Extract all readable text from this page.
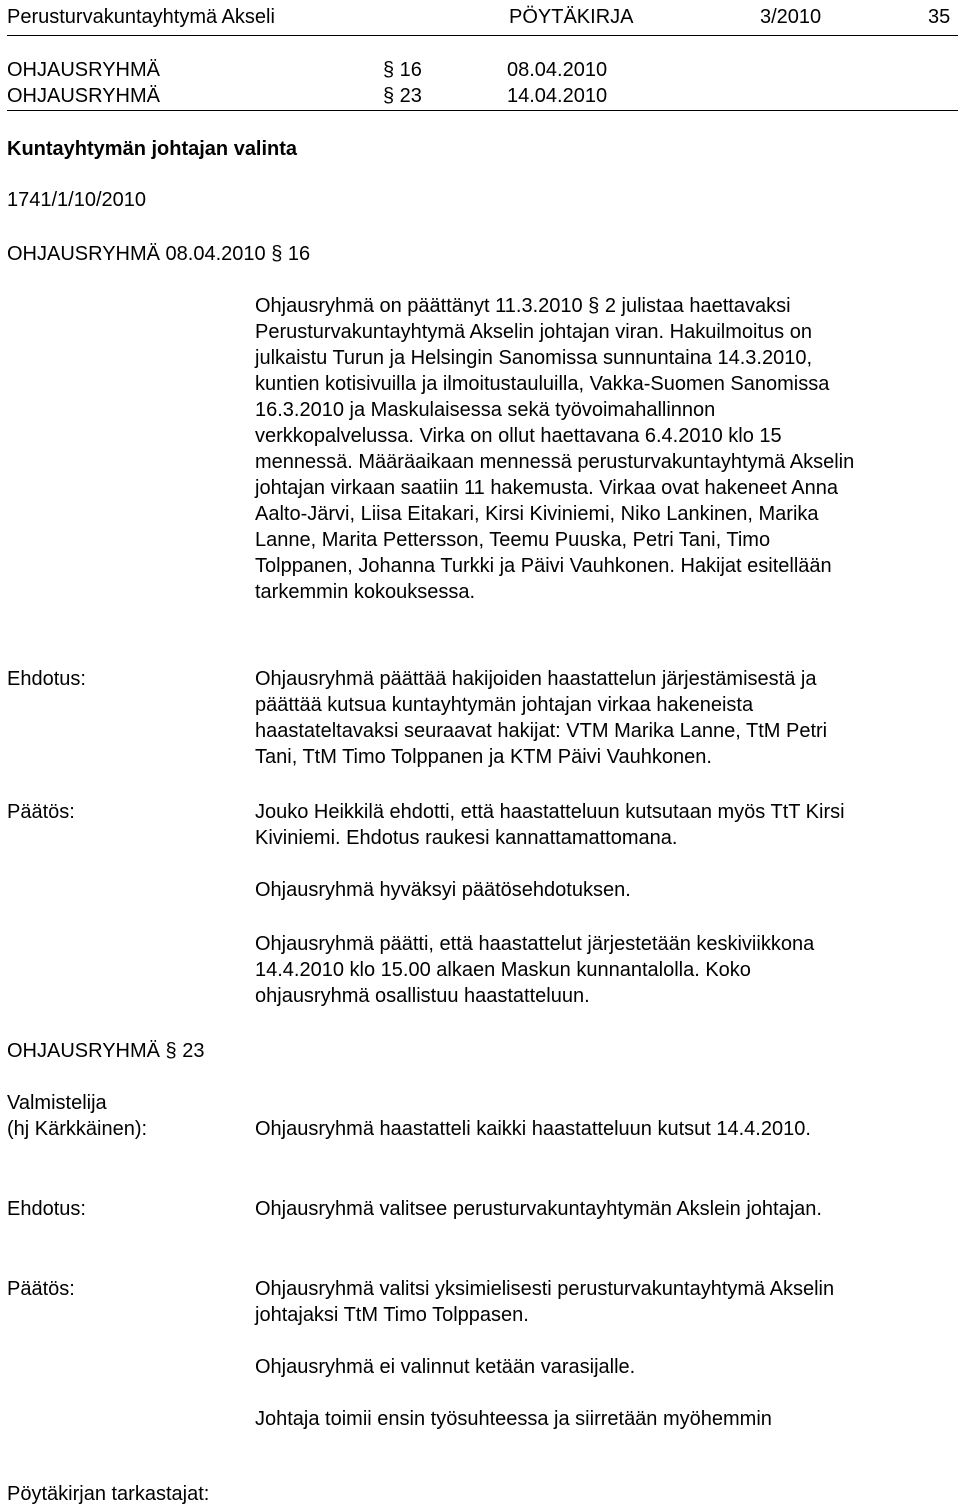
Perusturvakuntayhtymä Akseli	PÖYTÄKIRJA	3/2010	35
OHJAUSRYHMÄ	§ 16	08.04.2010
OHJAUSRYHMÄ	§ 23	14.04.2010
Kuntayhtymän johtajan valinta
1741/1/10/2010
OHJAUSRYHMÄ 08.04.2010 § 16
Ohjausryhmä on päättänyt 11.3.2010 § 2 julistaa haettavaksi
Perusturvakuntayhtymä Akselin johtajan viran. Hakuilmoitus on
julkaistu Turun ja Helsingin Sanomissa sunnuntaina 14.3.2010,
kuntien kotisivuilla ja ilmoitustauluilla, Vakka-Suomen Sanomissa
16.3.2010 ja Maskulaisessa sekä työvoimahallinnon
verkkopalvelussa. Virka on ollut haettavana 6.4.2010 klo 15
mennessä. Määräaikaan mennessä perusturvakuntayhtymä Akselin
johtajan virkaan saatiin 11 hakemusta. Virkaa ovat hakeneet Anna
Aalto-Järvi, Liisa Eitakari, Kirsi Kiviniemi, Niko Lankinen, Marika
Lanne, Marita Pettersson, Teemu Puuska, Petri Tani, Timo
Tolppanen, Johanna Turkki ja Päivi Vauhkonen. Hakijat esitellään
tarkemmin kokouksessa.
Ehdotus:	Ohjausryhmä päättää hakijoiden haastattelun järjestämisestä ja
päättää kutsua kuntayhtymän johtajan virkaa hakeneista
haastateltavaksi seuraavat hakijat: VTM Marika Lanne, TtM Petri
Tani, TtM Timo Tolppanen ja KTM Päivi Vauhkonen.
Päätös:	Jouko Heikkilä ehdotti, että haastatteluun kutsutaan myös TtT Kirsi
Kiviniemi. Ehdotus raukesi kannattamattomana.
Ohjausryhmä hyväksyi päätösehdotuksen.
Ohjausryhmä päätti, että haastattelut järjestetään keskiviikkona
14.4.2010 klo 15.00 alkaen Maskun kunnantalolla. Koko
ohjausryhmä osallistuu haastatteluun.
OHJAUSRYHMÄ § 23
Valmistelija
(hj Kärkkäinen):	Ohjausryhmä haastatteli kaikki haastatteluun kutsut 14.4.2010.
Ehdotus:	Ohjausryhmä valitsee perusturvakuntayhtymän Akslein johtajan.
Päätös:	Ohjausryhmä valitsi yksimielisesti perusturvakuntayhtymä Akselin
johtajaksi TtM Timo Tolppasen.
Ohjausryhmä ei valinnut ketään varasijalle.
Johtaja toimii ensin työsuhteessa ja siirretään myöhemmin
Pöytäkirjan tarkastajat:
